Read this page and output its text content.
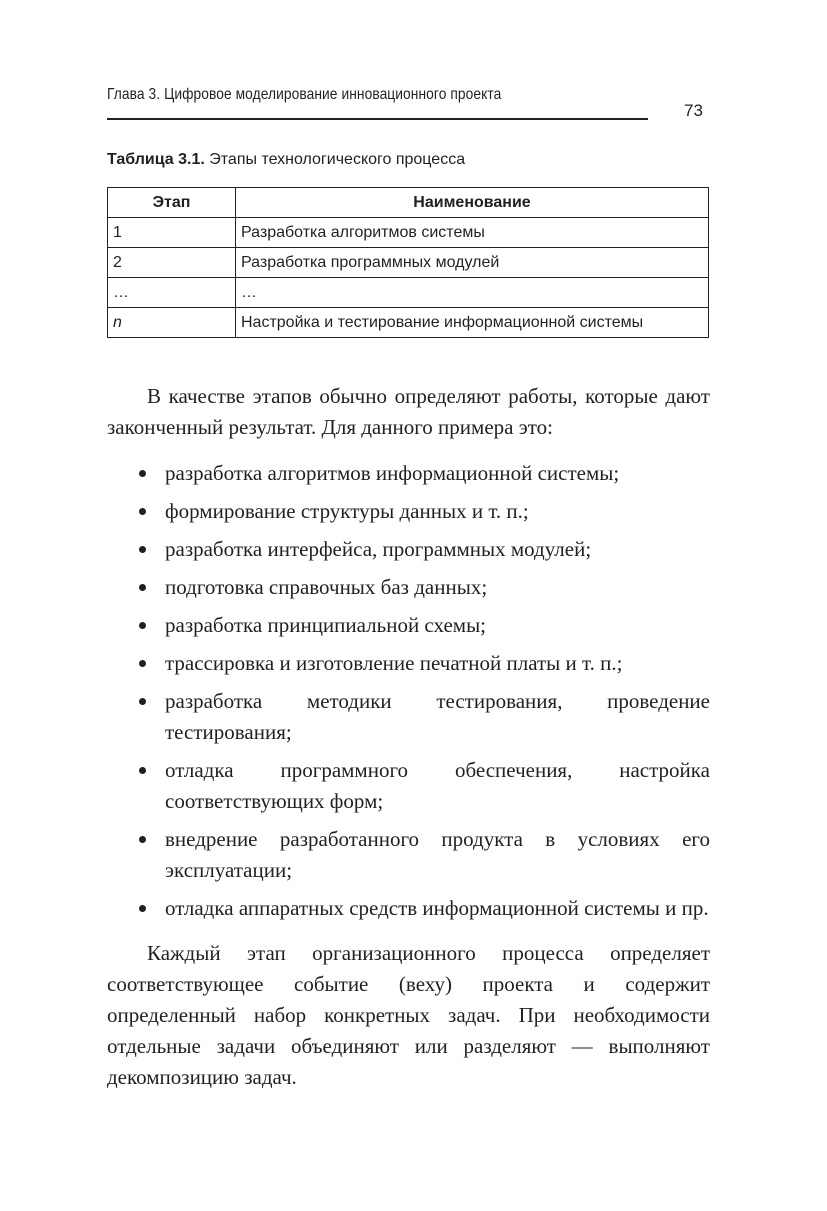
Глава 3. Цифровое моделирование инновационного проекта
73
Таблица 3.1. Этапы технологического процесса
Этап	Наименование
1	Разработка алгоритмов системы
2	Разработка программных модулей
…	…
n	Настройка и тестирование информационной системы

В качестве этапов обычно определяют работы, которые дают законченный результат. Для данного примера это:

разработка алгоритмов информационной системы;
формирование структуры данных и т. п.;
разработка интерфейса, программных модулей;
подготовка справочных баз данных;
разработка принципиальной схемы;
трассировка и изготовление печатной платы и т. п.;
разработка методики тестирования, проведение тестирования;
отладка программного обеспечения, настройка соответствующих форм;
внедрение разработанного продукта в условиях его эксплуатации;
отладка аппаратных средств информационной системы и пр.

Каждый этап организационного процесса определяет соответствующее событие (веху) проекта и содержит определенный набор конкретных задач. При необходимости отдельные задачи объединяют или разделяют — выполняют декомпозицию задач.
